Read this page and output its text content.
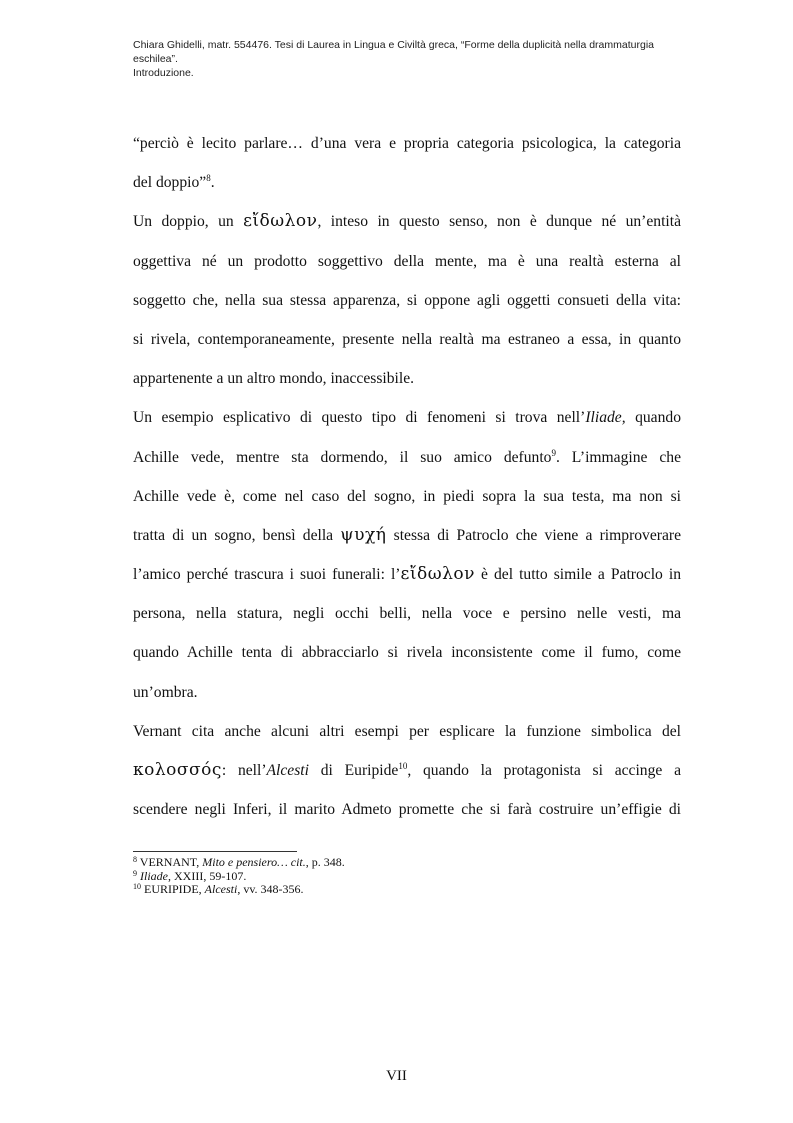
Chiara Ghidelli, matr. 554476. Tesi di Laurea in Lingua e Civiltà greca, “Forme della duplicità nella drammaturgia eschilea”.
Introduzione.
“perciò è lecito parlare… d’una vera e propria categoria psicologica, la categoria
del doppio”$^8$.
Un doppio, un εἴδωλον, inteso in questo senso, non è dunque né un’entità
oggettiva né un prodotto soggettivo della mente, ma è una realtà esterna al
soggetto che, nella sua stessa apparenza, si oppone agli oggetti consueti della vita:
si rivela, contemporaneamente, presente nella realtà ma estraneo a essa, in quanto
appartenente a un altro mondo, inaccessibile.
Un esempio esplicativo di questo tipo di fenomeni si trova nell’Iliade, quando
Achille vede, mentre sta dormendo, il suo amico defunto$^9$. L’immagine che
Achille vede è, come nel caso del sogno, in piedi sopra la sua testa, ma non si
tratta di un sogno, bensì della ψυχή stessa di Patroclo che viene a rimproverare
l’amico perché trascura i suoi funerali: l’εἴδωλον è del tutto simile a Patroclo in
persona, nella statura, negli occhi belli, nella voce e persino nelle vesti, ma
quando Achille tenta di abbracciarlo si rivela inconsistente come il fumo, come
un’ombra.
Vernant cita anche alcuni altri esempi per esplicare la funzione simbolica del
κολοσσός: nell’Alcesti di Euripide$^{10}$, quando la protagonista si accinge a
scendere negli Inferi, il marito Admeto promette che si farà costruire un’effigie di
$^8$ VERNANT, Mito e pensiero… cit., p. 348.
$^9$ Iliade, XXIII, 59-107.
$^{10}$ EURIPIDE, Alcesti, vv. 348-356.
VII
